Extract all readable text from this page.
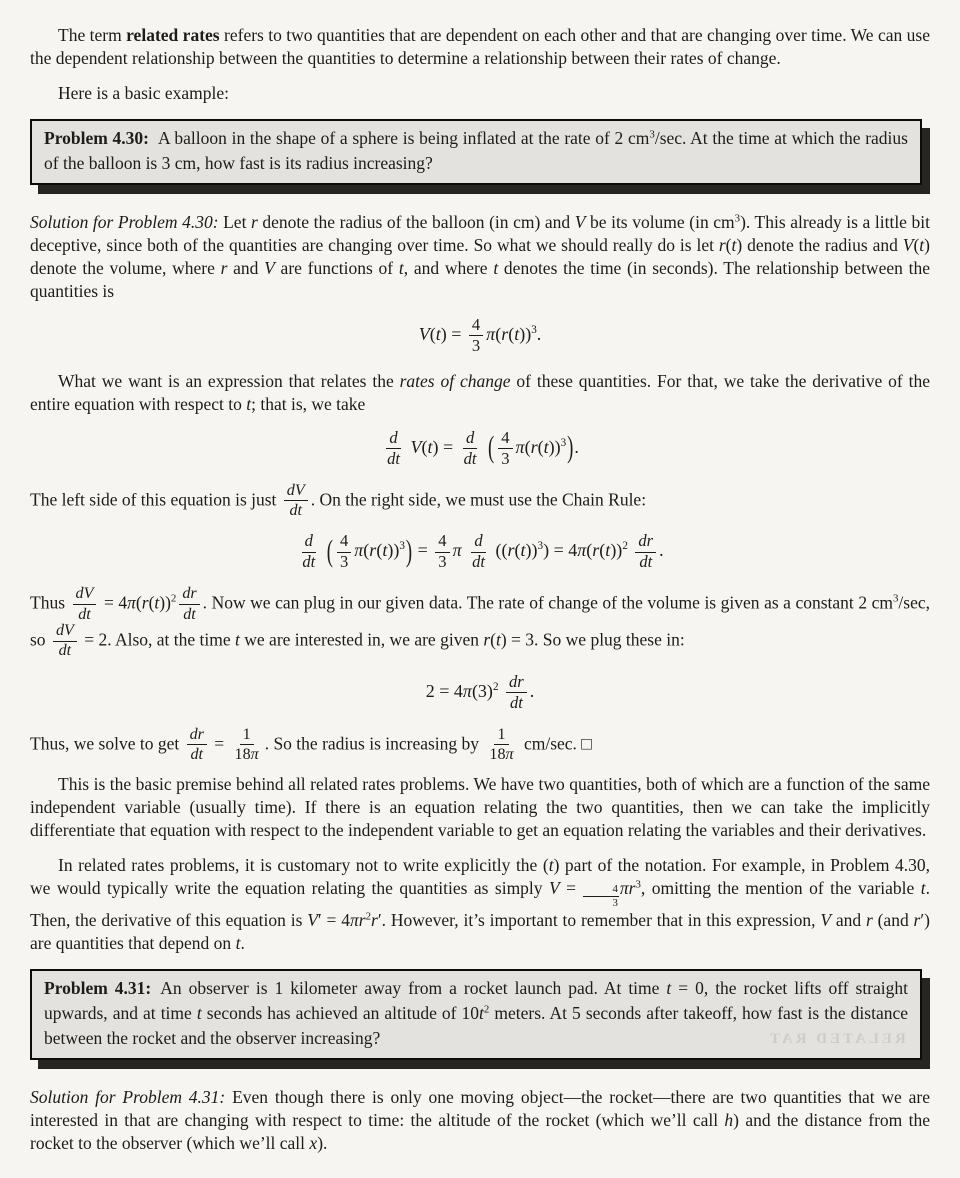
The term related rates refers to two quantities that are dependent on each other and that are changing over time. We can use the dependent relationship between the quantities to determine a relationship between their rates of change.

Here is a basic example:

Problem 4.30: A balloon in the shape of a sphere is being inflated at the rate of 2 $cm^3/\sec$. At the time at which the radius of the balloon is 3 cm, how fast is its radius increasing?

Solution for Problem 4.30: Let r denote the radius of the balloon (in cm) and V be its volume (in $cm^3$). This already is a little bit deceptive, since both of the quantities are changing over time. So what we should really do is let r(t) denote the radius and V(t) denote the volume, where r and V are functions of t, and where t denotes the time (in seconds). The relationship between the quantities is

$V(t) = \frac{4}{3} \pi(r(t))^3$.

What we want is an expression that relates the rates of change of these quantities. For that, we take the derivative of the entire equation with respect to t; that is, we take

$\frac{d}{dt} V(t) = \frac{d}{dt}$ ( $\frac{4}{3} \pi(r(t))^3$).

The left side of this equation is just $\frac{dV}{dt}$ . On the right side, we must use the Chain Rule:

$\frac{d}{dt}$ ( $\frac{4}{3} \pi(r(t))^3) = \frac{4}{3}$ π $\frac{d}{dt} ((r(t))^3) = 4\pi(r(t))^2 \frac{dr}{dt}$ .

Thus $\frac{dV}{dt} = 4\pi(r(t))^2 \frac{dr}{dt}$ . Now we can plug in our given data. The rate of change of the volume is given as a constant 2 $cm^3/\sec$, so $\frac{dV}{dt} = 2$. Also, at the time t we are interested in, we are given r(t) = 3. So we plug these in:

$2 = 4\pi(3)^2 \frac{dr}{dt}$ .

Thus, we solve to get $\frac{dr}{dt} = \frac{1}{18\pi}$ . So the radius is increasing by $\frac{1}{18\pi} cm/\sec$. □

This is the basic premise behind all related rates problems. We have two quantities, both of which are a function of the same independent variable (usually time). If there is an equation relating the two quantities, then we can take the implicitly differentiate that equation with respect to the independent variable to get an equation relating the variables and their derivatives.

In related rates problems, it is customary not to write explicitly the (t) part of the notation. For example, in Problem 4.30, we would typically write the equation relating the quantities as simply $V = \frac{4}{3} \pi r^3$, omitting the mention of the variable t. Then, the derivative of this equation is $V' = 4\pi r^2r'$. However, it’s important to remember that in this expression, V and r (and r′) are quantities that depend on t.

Problem 4.31: An observer is 1 kilometer away from a rocket launch pad. At time t = 0, the rocket lifts off straight upwards, and at time t seconds has achieved an altitude of $10t^2$ meters. At 5 seconds after takeoff, how fast is the distance between the rocket and the observer increasing?	RELATED RAT

Solution for Problem 4.31: Even though there is only one moving object—the rocket—there are two quantities that we are interested in that are changing with respect to time: the altitude of the rocket (which we’ll call h) and the distance from the rocket to the observer (which we’ll call x).
